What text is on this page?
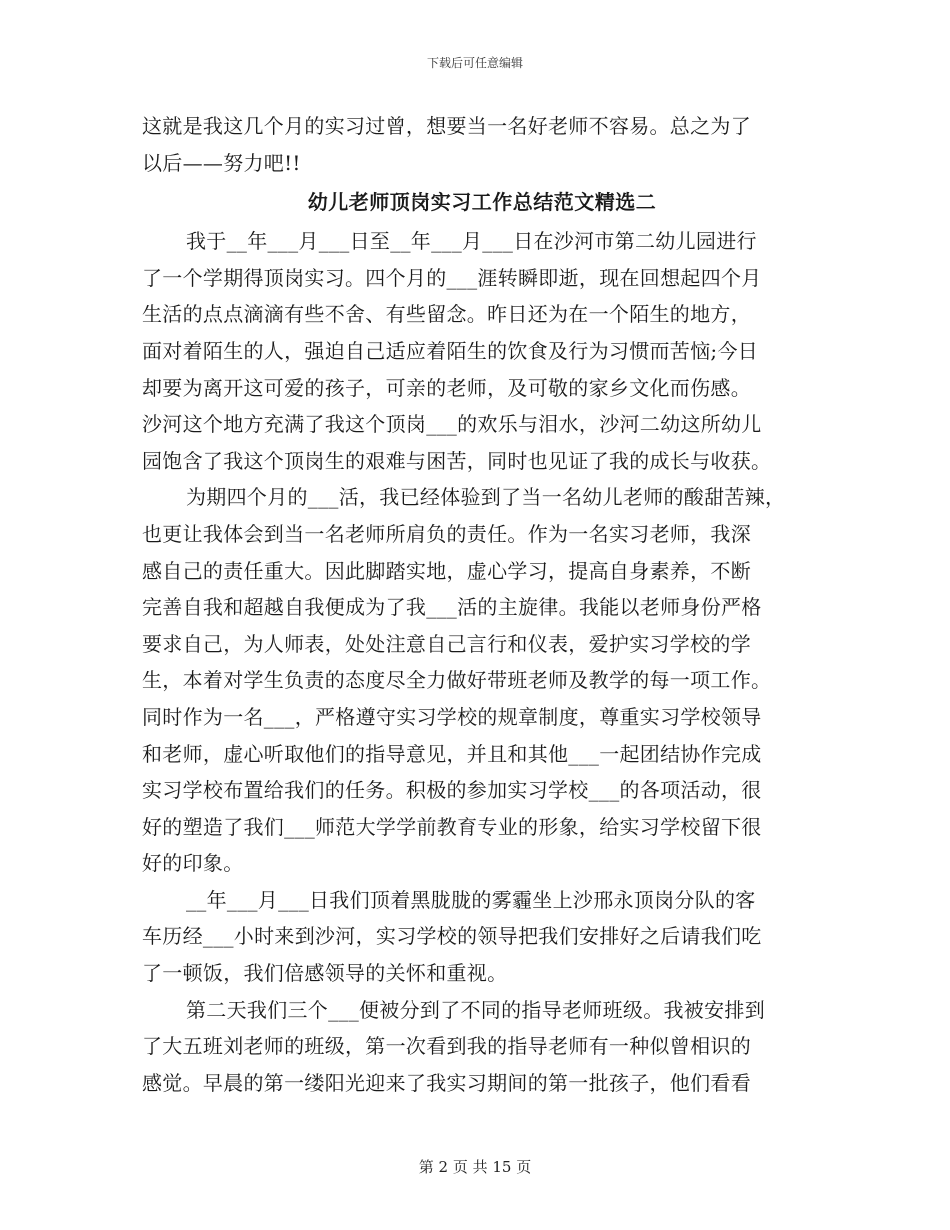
下载后可任意编辑
这就是我这几个月的实习过曾，想要当一名好老师不容易。总之为了
以后——努力吧!!
幼儿老师顶岗实习工作总结范文精选二
我于__年___月___日至__年___月___日在沙河市第二幼儿园进行
了一个学期得顶岗实习。四个月的___涯转瞬即逝，现在回想起四个月
生活的点点滴滴有些不舍、有些留念。昨日还为在一个陌生的地方，
面对着陌生的人，强迫自己适应着陌生的饮食及行为习惯而苦恼;今日
却要为离开这可爱的孩子，可亲的老师，及可敬的家乡文化而伤感。
沙河这个地方充满了我这个顶岗___的欢乐与泪水，沙河二幼这所幼儿
园饱含了我这个顶岗生的艰难与困苦，同时也见证了我的成长与收获。
为期四个月的___活，我已经体验到了当一名幼儿老师的酸甜苦辣，
也更让我体会到当一名老师所肩负的责任。作为一名实习老师，我深
感自己的责任重大。因此脚踏实地，虚心学习，提高自身素养，不断
完善自我和超越自我便成为了我___活的主旋律。我能以老师身份严格
要求自己，为人师表，处处注意自己言行和仪表，爱护实习学校的学
生，本着对学生负责的态度尽全力做好带班老师及教学的每一项工作。
同时作为一名___，严格遵守实习学校的规章制度，尊重实习学校领导
和老师，虚心听取他们的指导意见，并且和其他___一起团结协作完成
实习学校布置给我们的任务。积极的参加实习学校___的各项活动，很
好的塑造了我们___师范大学学前教育专业的形象，给实习学校留下很
好的印象。
__年___月___日我们顶着黑胧胧的雾霾坐上沙邢永顶岗分队的客
车历经___小时来到沙河，实习学校的领导把我们安排好之后请我们吃
了一顿饭，我们倍感领导的关怀和重视。
第二天我们三个___便被分到了不同的指导老师班级。我被安排到
了大五班刘老师的班级，第一次看到我的指导老师有一种似曾相识的
感觉。早晨的第一缕阳光迎来了我实习期间的第一批孩子，他们看看
第 2 页 共 15 页
